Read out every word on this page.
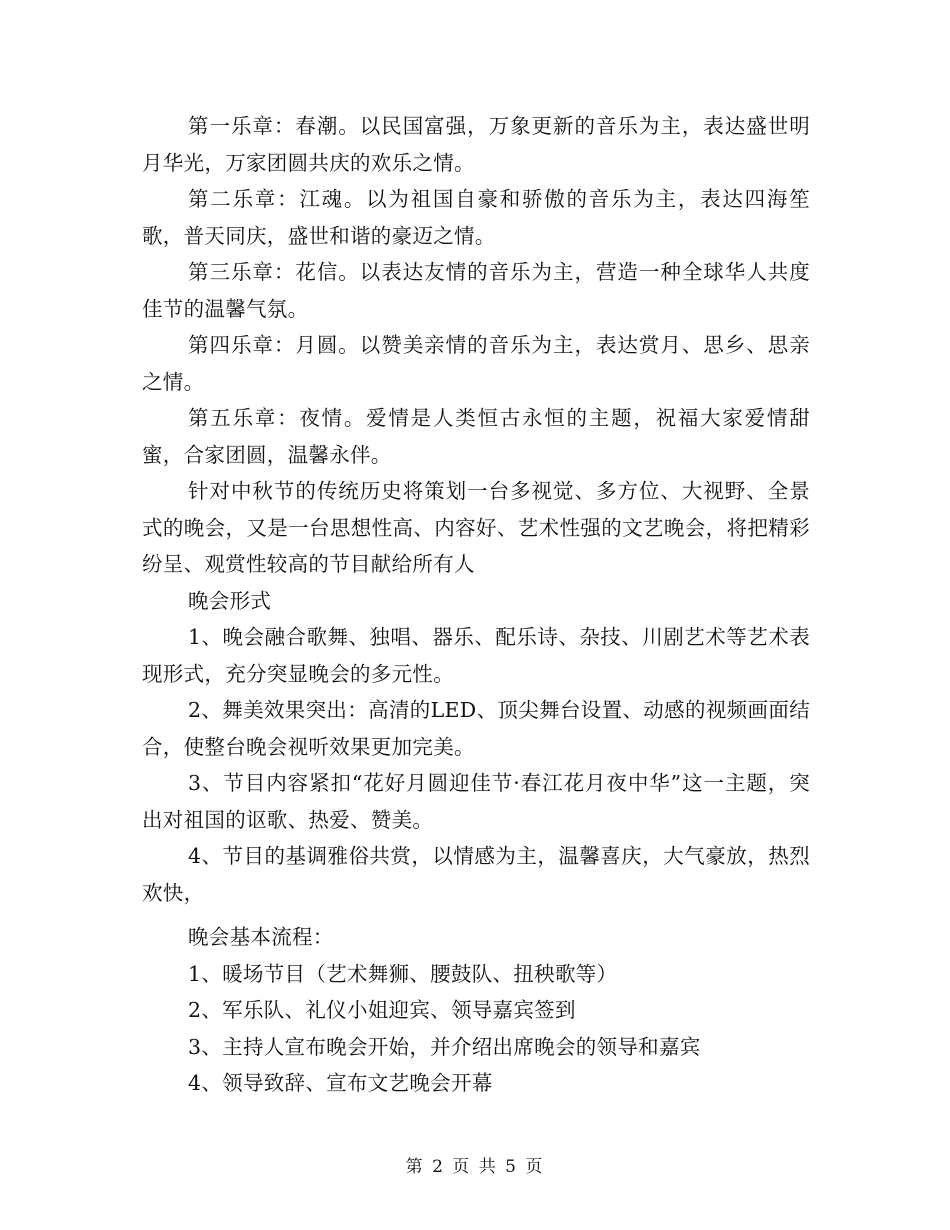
第一乐章：春潮。以民国富强，万象更新的音乐为主，表达盛世明月华光，万家团圆共庆的欢乐之情。

第二乐章：江魂。以为祖国自豪和骄傲的音乐为主，表达四海笙歌，普天同庆，盛世和谐的豪迈之情。

第三乐章：花信。以表达友情的音乐为主，营造一种全球华人共度佳节的温馨气氛。

第四乐章：月圆。以赞美亲情的音乐为主，表达赏月、思乡、思亲之情。

第五乐章：夜情。爱情是人类恒古永恒的主题，祝福大家爱情甜蜜，合家团圆，温馨永伴。

针对中秋节的传统历史将策划一台多视觉、多方位、大视野、全景式的晚会，又是一台思想性高、内容好、艺术性强的文艺晚会，将把精彩纷呈、观赏性较高的节目献给所有人

晚会形式

1、晚会融合歌舞、独唱、器乐、配乐诗、杂技、川剧艺术等艺术表现形式，充分突显晚会的多元性。

2、舞美效果突出：高清的LED、顶尖舞台设置、动感的视频画面结合，使整台晚会视听效果更加完美。

3、节目内容紧扣“花好月圆迎佳节·春江花月夜中华”这一主题，突出对祖国的讴歌、热爱、赞美。

4、节目的基调雅俗共赏，以情感为主，温馨喜庆，大气豪放，热烈欢快，

晚会基本流程：

1、暖场节目（艺术舞狮、腰鼓队、扭秧歌等）

2、军乐队、礼仪小姐迎宾、领导嘉宾签到

3、主持人宣布晚会开始，并介绍出席晚会的领导和嘉宾

4、领导致辞、宣布文艺晚会开幕

第 2 页 共 5 页
